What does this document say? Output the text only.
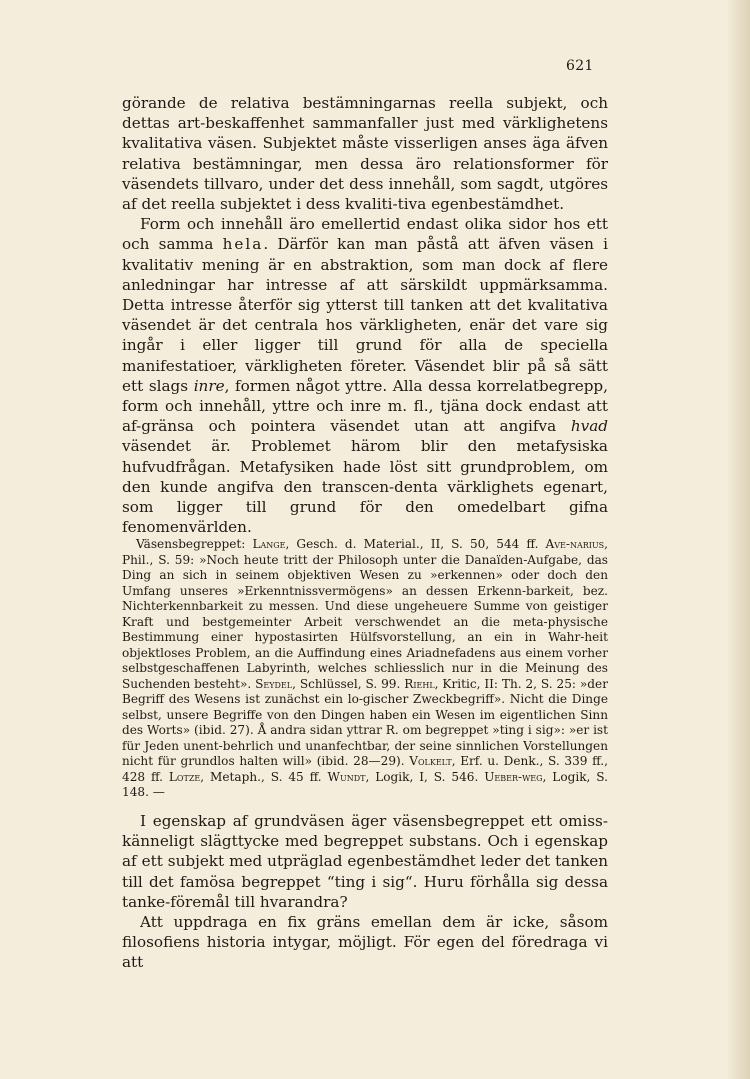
621

görande de relativa bestämningarnas reella subjekt, och dettas art-beskaffenhet sammanfaller just med värklighetens kvalitativa väsen. Subjektet måste visserligen anses äga äfven relativa bestämningar, men dessa äro relationsformer för väsendets tillvaro, under det dess innehåll, som sagdt, utgöres af det reella subjektet i dess kvaliti-tiva egenbestämdhet.

Form och innehåll äro emellertid endast olika sidor hos ett och samma hela. Därför kan man påstå att äfven väsen i kvalitativ mening är en abstraktion, som man dock af flere anledningar har intresse af att särskildt uppmärksamma. Detta intresse återför sig ytterst till tanken att det kvalitativa väsendet är det centrala hos värkligheten, enär det vare sig ingår i eller ligger till grund för alla de speciella manifestatioer, värkligheten företer. Väsendet blir på så sätt ett slags inre, formen något yttre. Alla dessa korrelatbegrepp, form och innehåll, yttre och inre m. fl., tjäna dock endast att af-gränsa och pointera väsendet utan att angifva hvad väsendet är. Problemet härom blir den metafysiska hufvudfrågan. Metafysiken hade löst sitt grundproblem, om den kunde angifva den transcen-denta värklighets egenart, som ligger till grund för den omedelbart gifna fenomenvärlden.

Väsensbegreppet: Lange, Gesch. d. Material., II, S. 50, 544 ff. Ave-narius, Phil., S. 59: »Noch heute tritt der Philosoph unter die Danaïden-Aufgabe, das Ding an sich in seinem objektiven Wesen zu »erkennen» oder doch den Umfang unseres »Erkenntnissvermögens» an dessen Erkenn-barkeit, bez. Nichterkennbarkeit zu messen. Und diese ungeheuere Summe von geistiger Kraft und bestgemeinter Arbeit verschwendet an die meta-physische Bestimmung einer hypostasirten Hülfsvorstellung, an ein in Wahr-heit objektloses Problem, an die Auffindung eines Ariadnefadens aus einem vorher selbstgeschaffenen Labyrinth, welches schliesslich nur in die Meinung des Suchenden besteht». Seydel, Schlüssel, S. 99. Riehl, Kritic, II: Th. 2, S. 25: »der Begriff des Wesens ist zunächst ein lo-gischer Zweckbegriff». Nicht die Dinge selbst, unsere Begriffe von den Dingen haben ein Wesen im eigentlichen Sinn des Worts» (ibid. 27). Å andra sidan yttrar R. om begreppet »ting i sig»: »er ist für Jeden unent-behrlich und unanfechtbar, der seine sinnlichen Vorstellungen nicht für grundlos halten will» (ibid. 28—29). Volkelt, Erf. u. Denk., S. 339 ff., 428 ff. Lotze, Metaph., S. 45 ff. Wundt, Logik, I, S. 546. Ueber-weg, Logik, S. 148. —

I egenskap af grundväsen äger väsensbegreppet ett omiss-känneligt slägttycke med begreppet substans. Och i egenskap af ett subjekt med utpräglad egenbestämdhet leder det tanken till det famösa begreppet “ting i sig“. Huru förhålla sig dessa tanke-föremål till hvarandra?

Att uppdraga en fix gräns emellan dem är icke, såsom filosofiens historia intygar, möjligt. För egen del föredraga vi att
